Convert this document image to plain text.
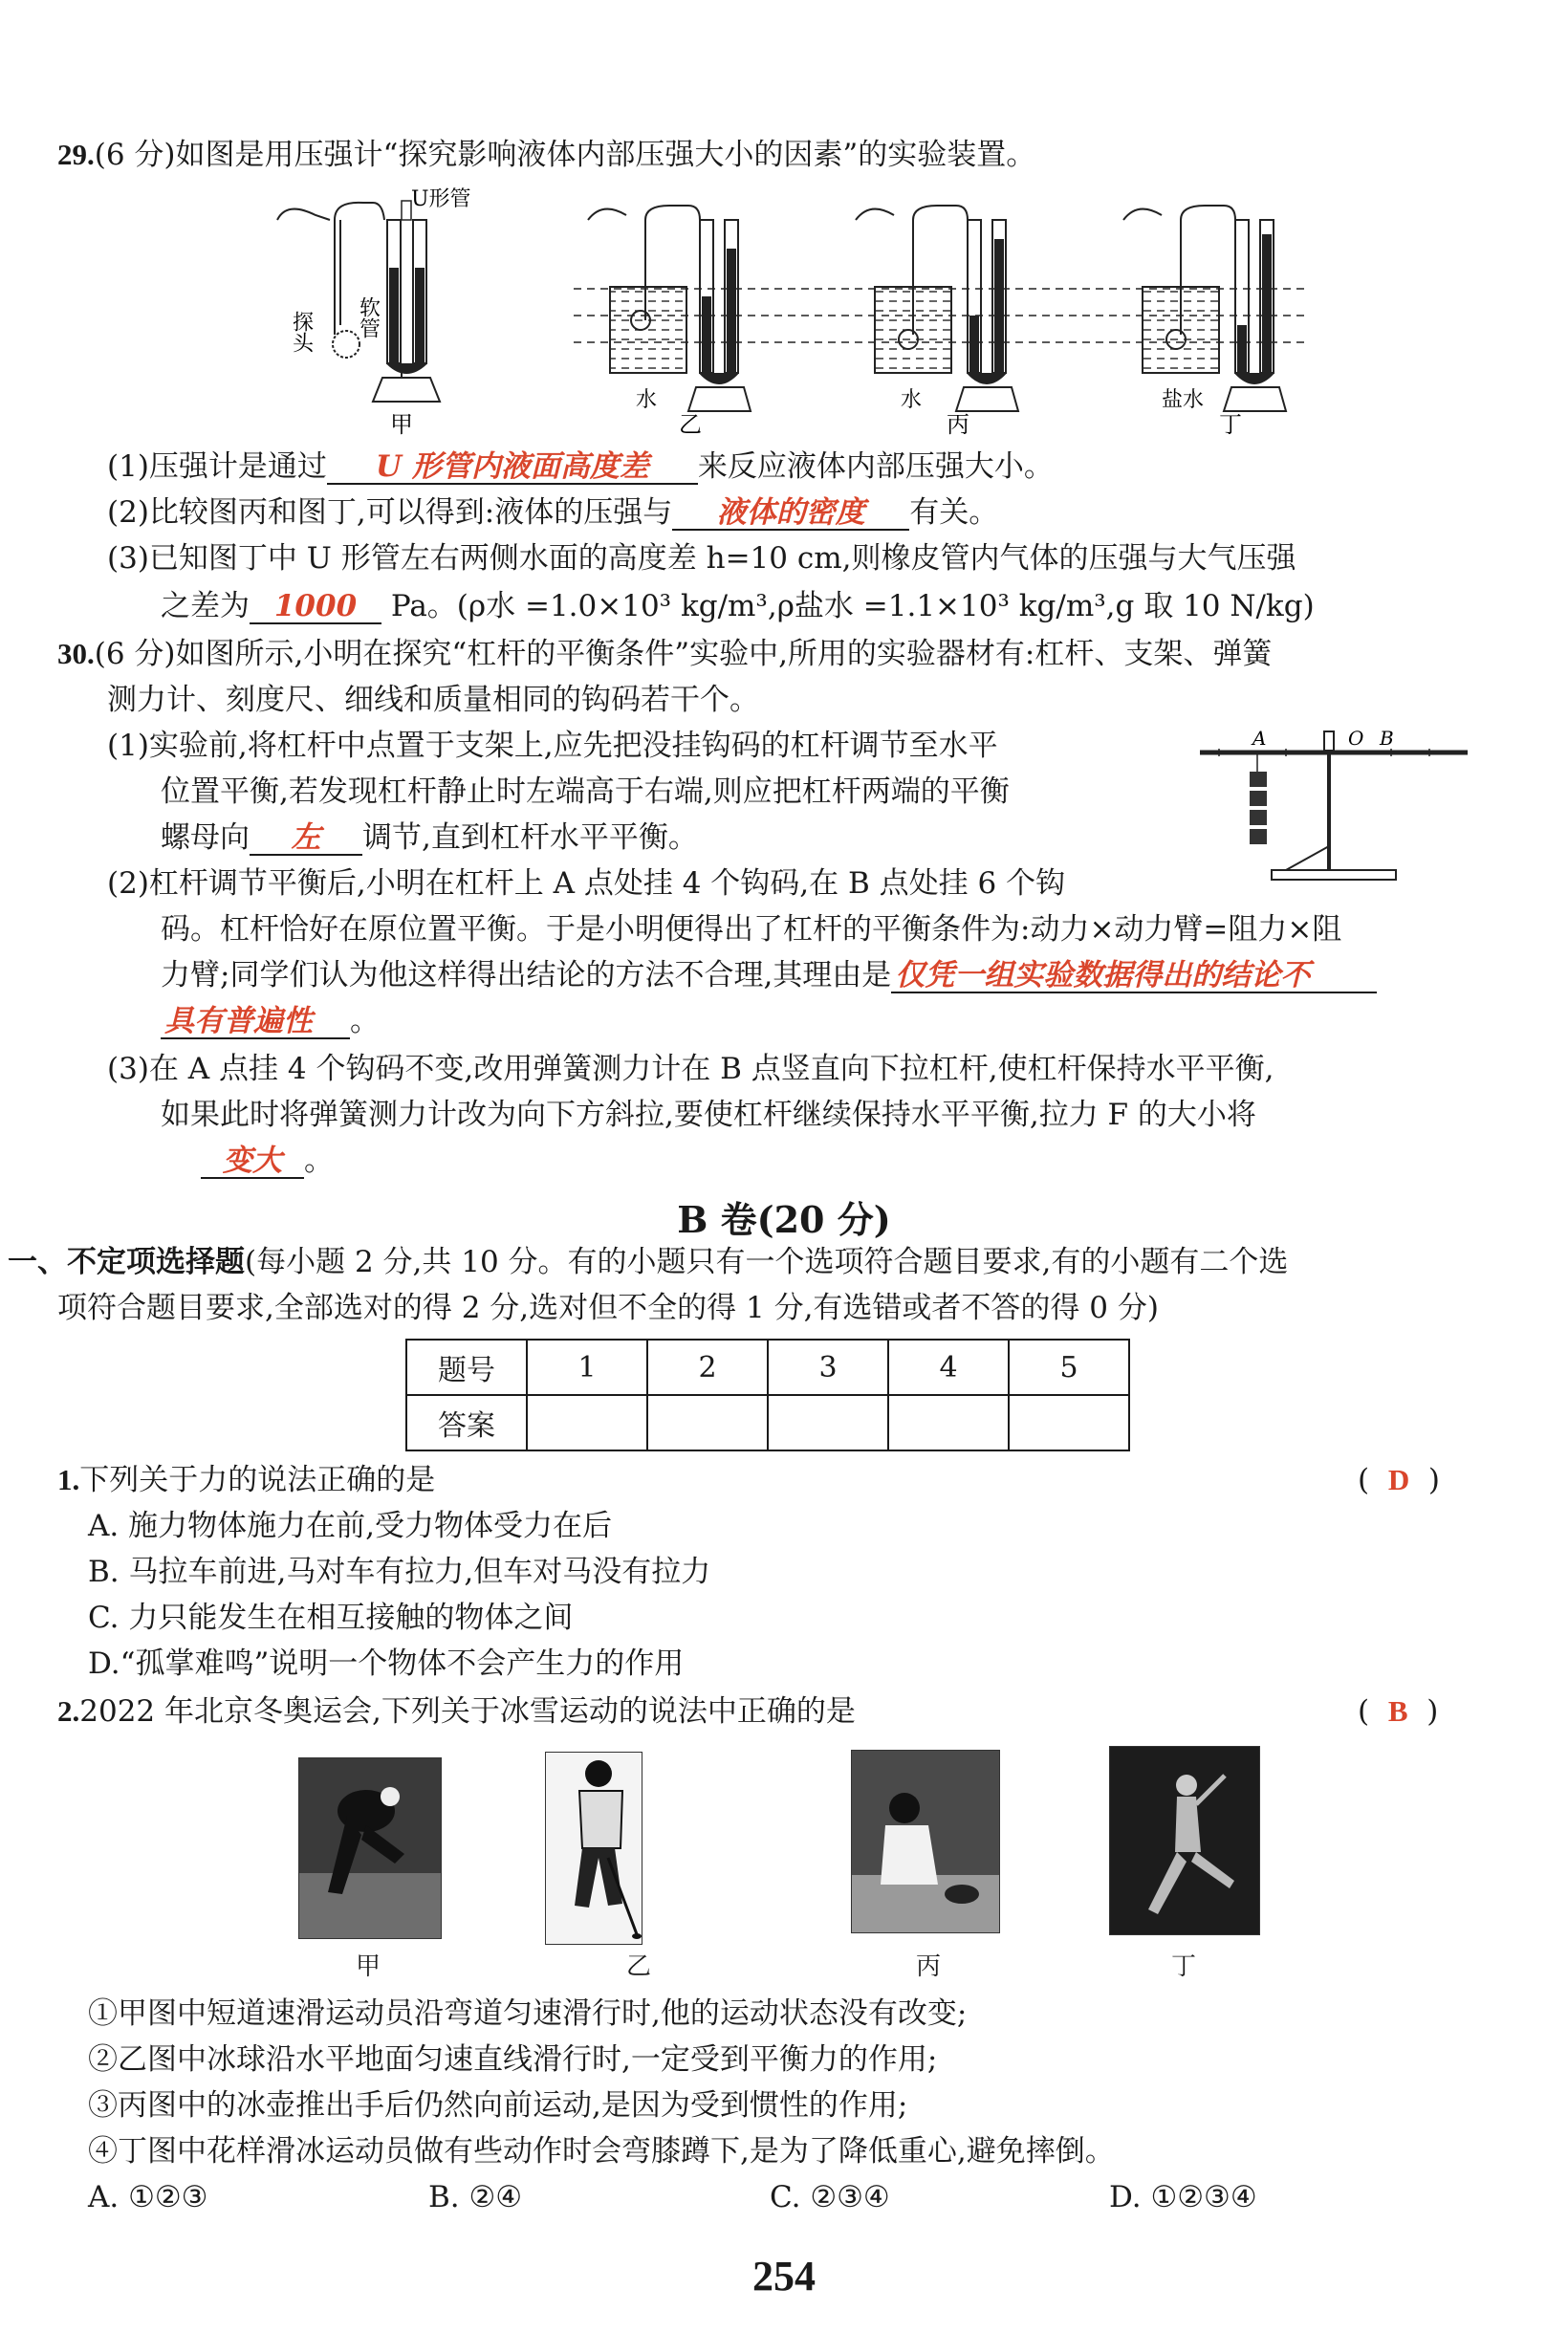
29.(6 分)如图是用压强计“探究影响液体内部压强大小的因素”的实验装置。
U形管
探头 软管
甲
水
乙
水
丙
盐水
丁
(1)压强计是通过 U 形管内液面高度差 来反应液体内部压强大小。
(2)比较图丙和图丁,可以得到:液体的压强与 液体的密度 有关。
(3)已知图丁中 U 形管左右两侧水面的高度差 h=10 cm,则橡皮管内气体的压强与大气压强
之差为 1000 Pa。(ρ水 =1.0×10³ kg/m³,ρ盐水 =1.1×10³ kg/m³,g 取 10 N/kg)
30.(6 分)如图所示,小明在探究“杠杆的平衡条件”实验中,所用的实验器材有:杠杆、支架、弹簧
测力计、刻度尺、细线和质量相同的钩码若干个。
(1)实验前,将杠杆中点置于支架上,应先把没挂钩码的杠杆调节至水平
位置平衡,若发现杠杆静止时左端高于右端,则应把杠杆两端的平衡
螺母向 左 调节,直到杠杆水平平衡。
A	O B
(2)杠杆调节平衡后,小明在杠杆上 A 点处挂 4 个钩码,在 B 点处挂 6 个钩
码。杠杆恰好在原位置平衡。于是小明便得出了杠杆的平衡条件为:动力×动力臂=阻力×阻
力臂;同学们认为他这样得出结论的方法不合理,其理由是 仅凭一组实验数据得出的结论不
具有普遍性 。
(3)在 A 点挂 4 个钩码不变,改用弹簧测力计在 B 点竖直向下拉杠杆,使杠杆保持水平平衡,
如果此时将弹簧测力计改为向下方斜拉,要使杠杆继续保持水平平衡,拉力 F 的大小将
变大 。
B 卷(20 分)
一、不定项选择题(每小题 2 分,共 10 分。有的小题只有一个选项符合题目要求,有的小题有二个选
项符合题目要求,全部选对的得 2 分,选对但不全的得 1 分,有选错或者不答的得 0 分)
题号	1	2	3	4	5
答案					
1.下列关于力的说法正确的是	(  D  )
A. 施力物体施力在前,受力物体受力在后
B. 马拉车前进,马对车有拉力,但车对马没有拉力
C. 力只能发生在相互接触的物体之间
D.“孤掌难鸣”说明一个物体不会产生力的作用
2.2022 年北京冬奥运会,下列关于冰雪运动的说法中正确的是	(  B  )
甲	乙	丙	丁
①甲图中短道速滑运动员沿弯道匀速滑行时,他的运动状态没有改变;
②乙图中冰球沿水平地面匀速直线滑行时,一定受到平衡力的作用;
③丙图中的冰壶推出手后仍然向前运动,是因为受到惯性的作用;
④丁图中花样滑冰运动员做有些动作时会弯膝蹲下,是为了降低重心,避免摔倒。
A. ①②③	B. ②④	C. ②③④	D. ①②③④
254
